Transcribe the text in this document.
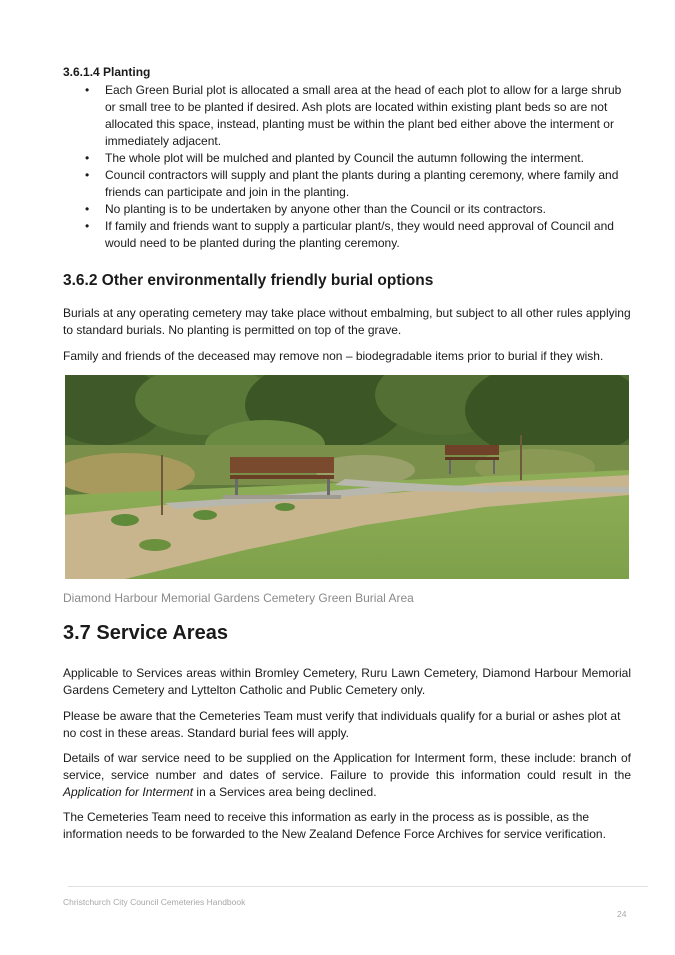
3.6.1.4 Planting
• Each Green Burial plot is allocated a small area at the head of each plot to allow for a large shrub or small tree to be planted if desired. Ash plots are located within existing plant beds so are not allocated this space, instead, planting must be within the plant bed either above the interment or immediately adjacent.
• The whole plot will be mulched and planted by Council the autumn following the interment.
• Council contractors will supply and plant the plants during a planting ceremony, where family and friends can participate and join in the planting.
• No planting is to be undertaken by anyone other than the Council or its contractors.
• If family and friends want to supply a particular plant/s, they would need approval of Council and would need to be planted during the planting ceremony.
3.6.2 Other environmentally friendly burial options

Burials at any operating cemetery may take place without embalming, but subject to all other rules applying to standard burials. No planting is permitted on top of the grave.

Family and friends of the deceased may remove non – biodegradable items prior to burial if they wish.

Diamond Harbour Memorial Gardens Cemetery Green Burial Area

3.7 Service Areas

Applicable to Services areas within Bromley Cemetery, Ruru Lawn Cemetery, Diamond Harbour Memorial Gardens Cemetery and Lyttelton Catholic and Public Cemetery only.

Please be aware that the Cemeteries Team must verify that individuals qualify for a burial or ashes plot at no cost in these areas. Standard burial fees will apply.

Details of war service need to be supplied on the Application for Interment form, these include: branch of service, service number and dates of service. Failure to provide this information could result in the Application for Interment in a Services area being declined.

The Cemeteries Team need to receive this information as early in the process as is possible, as the information needs to be forwarded to the New Zealand Defence Force Archives for service verification.

Christchurch City Council Cemeteries Handbook
24
